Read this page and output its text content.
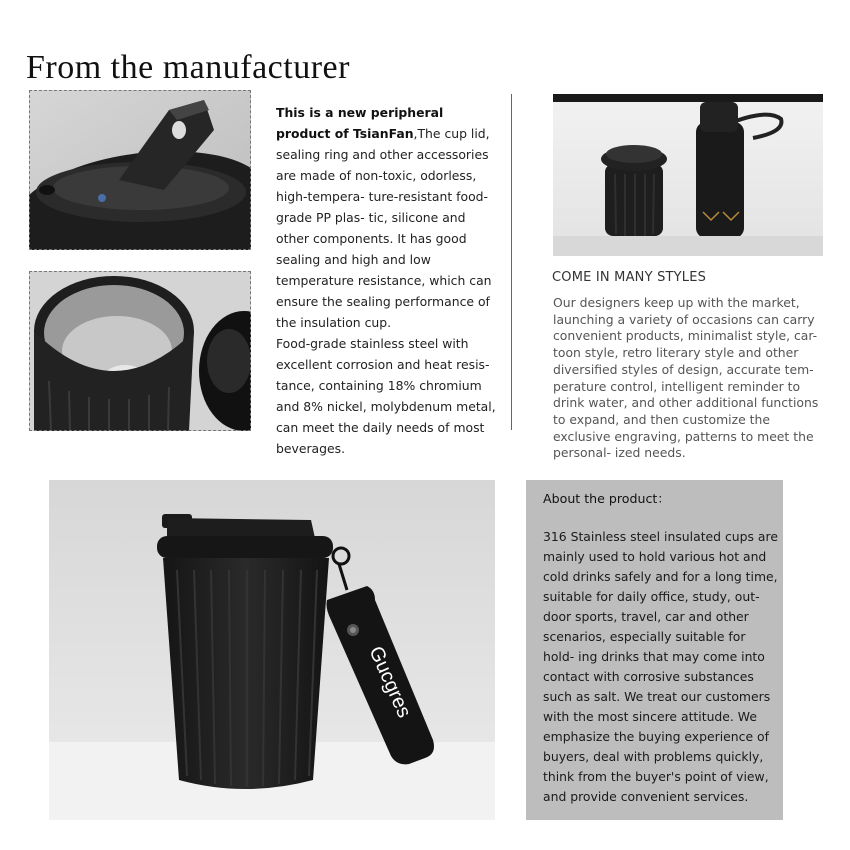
From the manufacturer
This is a new peripheral product of TsianFan,The cup lid, sealing ring and other accessories are made of non-toxic, odorless, high-tempera- ture-resistant food-grade PP plas- tic, silicone and other components. It has good sealing and high and low temperature resistance, which can ensure the sealing performance of the insulation cup.
Food-grade stainless steel with excellent corrosion and heat resis- tance, containing 18% chromium and 8% nickel, molybdenum metal, can meet the daily needs of most beverages.
COME IN MANY STYLES
Our designers keep up with the market, launching a variety of occasions can carry convenient products, minimalist style, car- toon style, retro literary style and other diversified styles of design, accurate tem- perature control, intelligent reminder to drink water, and other additional functions to expand, and then customize the exclusive engraving, patterns to meet the personal- ized needs.
Gucgres
About the product：
316 Stainless steel insulated cups are mainly used to hold various hot and cold drinks safely and for a long time, suitable for daily office, study, out- door sports, travel, car and other scenarios, especially suitable for hold- ing drinks that may come into contact with corrosive substances such as salt. We treat our customers with the most sincere attitude. We emphasize the buying experience of buyers, deal with problems quickly, think from the buyer's point of view, and provide convenient services.
